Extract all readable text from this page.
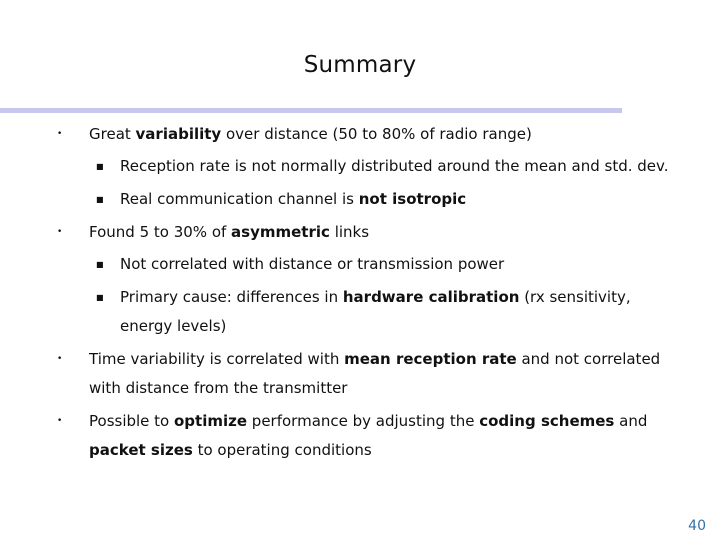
Summary
• Great variability over distance (50 to 80% of radio range)
■ Reception rate is not normally distributed around the mean and std. dev.
■ Real communication channel is not isotropic
• Found 5 to 30% of asymmetric links
■ Not correlated with distance or transmission power
■ Primary cause: differences in hardware calibration (rx sensitivity, energy levels)
• Time variability is correlated with mean reception rate and not correlated with distance from the transmitter
• Possible to optimize performance by adjusting the coding schemes and packet sizes to operating conditions
40
